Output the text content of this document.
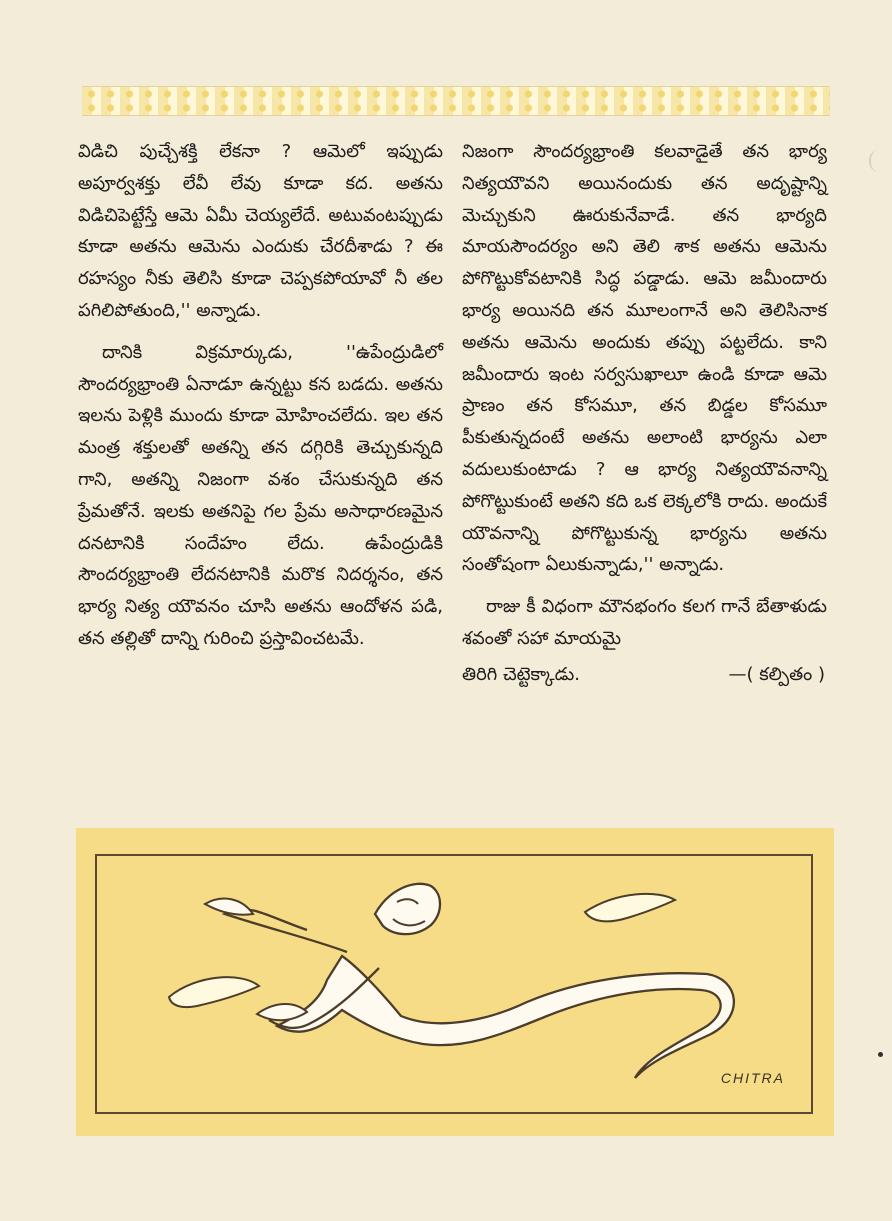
విడిచి పుచ్చేశక్తి లేకనా ? ఆమెలో ఇప్పుడు అపూర్వశక్తు లేవీ లేవు కూడా కద. అతను విడిచిపెట్టేస్తే ఆమె ఏమీ చెయ్యలేదే. అటువంటప్పుడు కూడా అతను ఆమెను ఎందుకు చేరదీశాడు ? ఈ రహస్యం నీకు తెలిసి కూడా చెప్పకపోయావో నీ తల పగిలిపోతుంది,'' అన్నాడు.

దానికి విక్రమార్కుడు, ''ఉపేంద్రుడిలో సౌందర్యభ్రాంతి ఏనాడూ ఉన్నట్టు కన బడదు. అతను ఇలను పెళ్లికి ముందు కూడా మోహించలేదు. ఇల తన మంత్ర శక్తులతో అతన్ని తన దగ్గిరికి తెచ్చుకున్నది గాని, అతన్ని నిజంగా వశం చేసుకున్నది తన ప్రేమతోనే. ఇలకు అతనిపై గల ప్రేమ అసాధారణమైన దనటానికి సందేహం లేదు. ఉపేంద్రుడికి సౌందర్యభ్రాంతి లేదనటానికి మరొక నిదర్శనం, తన భార్య నిత్య యౌవనం చూసి అతను ఆందోళన పడి, తన తల్లితో దాన్ని గురించి ప్రస్తావించటమే.

నిజంగా సౌందర్యభ్రాంతి కలవాడైతే తన భార్య నిత్యయౌవని అయినందుకు తన అదృష్టాన్ని మెచ్చుకుని ఊరుకునేవాడే. తన భార్యది మాయసౌందర్యం అని తెలి శాక అతను ఆమెను పోగొట్టుకోవటానికి సిద్ధ పడ్డాడు. ఆమె జమీందారు భార్య అయినది తన మూలంగానే అని తెలిసినాక అతను ఆమెను అందుకు తప్పు పట్టలేదు. కాని జమీందారు ఇంట సర్వసుఖాలూ ఉండి కూడా ఆమె ప్రాణం తన కోసమూ, తన బిడ్డల కోసమూ పీకుతున్నదంటే అతను అలాంటి భార్యను ఎలా వదులుకుంటాడు ? ఆ భార్య నిత్యయౌవనాన్ని పోగొట్టుకుంటే అతని కది ఒక లెక్కలోకి రాదు. అందుకే యౌవనాన్ని పోగొట్టుకున్న భార్యను అతను సంతోషంగా ఏలుకున్నాడు,'' అన్నాడు.

రాజు కీ విధంగా మౌనభంగం కలగ గానే బేతాళుడు శవంతో సహా మాయమై

తిరిగి చెట్టెక్కాడు.	—( కల్పితం )
CHITRA
